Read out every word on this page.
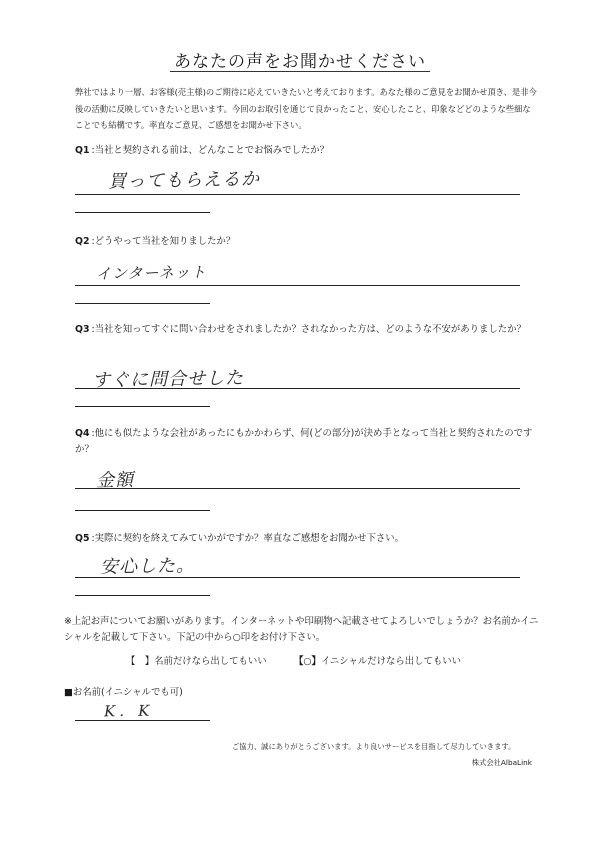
あなたの声をお聞かせください
弊社ではより一層、お客様(売主様)のご期待に応えていきたいと考えております。あなた様のご意見をお聞かせ頂き、是非今後の活動に反映していきたいと思います。今回のお取引を通じて良かったこと、安心したこと、印象などどのような些細なことでも結構です。率直なご意見、ご感想をお聞かせ下さい。
Q1 :当社と契約される前は、どんなことでお悩みでしたか？
買ってもらえるか
Q2 :どうやって当社を知りましたか？
インターネット
Q3 :当社を知ってすぐに問い合わせをされましたか？されなかった方は、どのような不安がありましたか？
すぐに問合せした
Q4 :他にも似たような会社があったにもかかわらず、何(どの部分)が決め手となって当社と契約されたのですか？
金額
Q5 :実際に契約を終えてみていかがですか？率直なご感想をお聞かせ下さい。
安心した。
※上記お声についてお願いがあります。インターネットや印刷物へ記載させてよろしいでしょうか？お名前かイニシャルを記載して下さい。下記の中から○印をお付け下さい。
【　】名前だけなら出してもいい	【○】イニシャルだけなら出してもいい
■お名前(イニシャルでも可)
K．K
ご協力、誠にありがとうございます。より良いサービスを目指して尽力していきます。
株式会社AlbaLink
